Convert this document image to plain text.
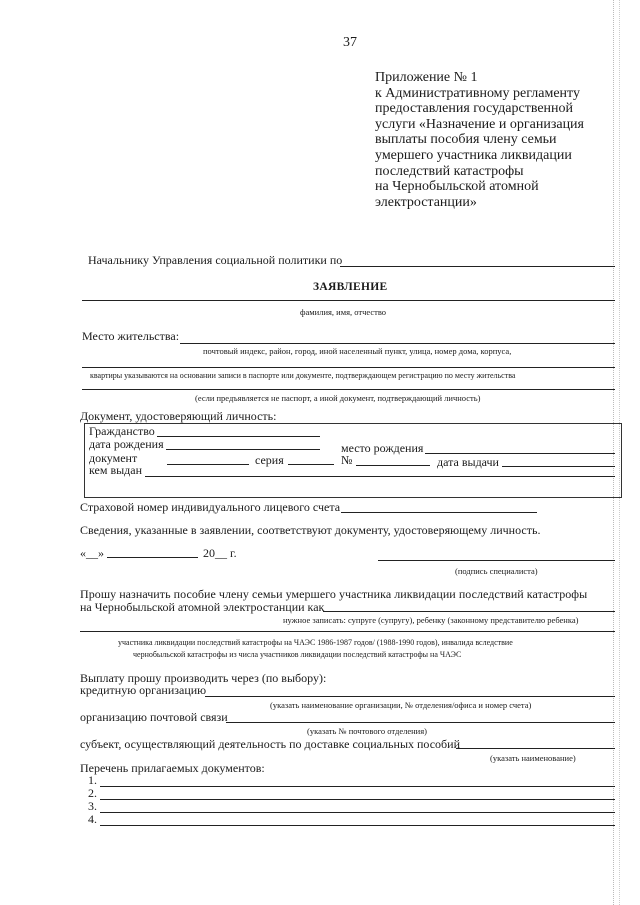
37
Приложение № 1
к Административному регламенту
предоставления государственной
услуги «Назначение и организация
выплаты пособия члену семьи
умершего участника ликвидации
последствий катастрофы
на Чернобыльской атомной
электростанции»
Начальнику Управления социальной политики по
ЗАЯВЛЕНИЕ
фамилия, имя, отчество
Место жительства:
почтовый индекс, район, город, иной населенный пункт, улица, номер дома, корпуса,
квартиры указываются на основании записи в паспорте или документе, подтверждающем регистрацию по месту жительства
(если предъявляется не паспорт, а иной документ, подтверждающий личность)
Документ, удостоверяющий личность:
Гражданство
дата рождения	место рождения
документ	серия	№	дата выдачи
кем выдан
Страховой номер индивидуального лицевого счета
Сведения, указанные в заявлении, соответствуют документу, удостоверяющему личность.
«__»	20__ г.
(подпись специалиста)
Прошу назначить пособие члену семьи умершего участника ликвидации последствий катастрофы
на Чернобыльской атомной электростанции как
нужное записать: супруге (супругу), ребенку (законному представителю ребенка)
участника ликвидации последствий катастрофы на ЧАЭС 1986-1987 годов/ (1988-1990 годов), инвалида вследствие
чернобыльской катастрофы из числа участников ликвидации последствий катастрофы на ЧАЭС
Выплату прошу производить через (по выбору):
кредитную организацию
(указать наименование организации, № отделения/офиса и номер счета)
организацию почтовой связи
(указать № почтового отделения)
субъект, осуществляющий деятельность по доставке социальных пособий
(указать наименование)
Перечень прилагаемых документов:
1.
2.
3.
4.
